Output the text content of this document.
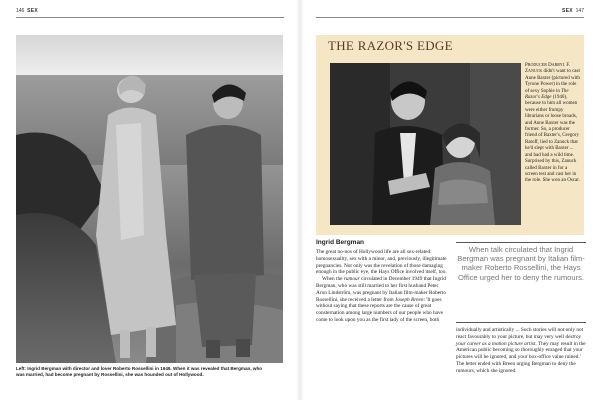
146 SEX
Left: Ingrid Bergman with director and lover Roberto Rossellini in 1949. When it was revealed that Bergman, who was married, had become pregnant by Rossellini, she was hounded out of Hollywood.
SEX 147
THE RAZOR'S EDGE
Producer Darryl F. Zanuck didn't want to cast Anne Baxter (pictured with Tyrone Power) in the role of sexy Sophie in The Razor's Edge (1946), because to him all women were either frumpy librarians or loose broads, and Anne Baxter was the former. So, a producer friend of Baxter's, Gregory Ratoff, lied to Zanuck that he'd slept with Baxter ... and had had a wild time. Surprised by this, Zanuck called Baxter in for a screen test and cast her in the role. She won an Oscar.
Ingrid Bergman

The great no-nos of Hollywood life are all sex-related: homosexuality, sex with a minor, and, previously, illegitimate pregnancies. Not only was the revelation of those damaging enough in the public eye, the Hays Office involved itself, too.

When the rumour circulated in December 1949 that Ingrid Bergman, who was still married to her first husband Peter Aron Lindström, was pregnant by Italian film-maker Roberto Rossellini, she received a letter from Joseph Breen: 'It goes without saying that these reports are the cause of great consternation among large numbers of our people who have come to look upon you as the first lady of the screen, both

When talk circulated that Ingrid Bergman was pregnant by Italian film-maker Roberto Rossellini, the Hays Office urged her to deny the rumours.

individually and artistically ... Such stories will not only not react favourably to your picture, but may very well destroy your career as a motion picture artist. They may result in the American public becoming so thoroughly enraged that your pictures will be ignored, and your box-office value ruined.' The letter ended with Breen urging Bergman to deny the rumours, which she ignored.
